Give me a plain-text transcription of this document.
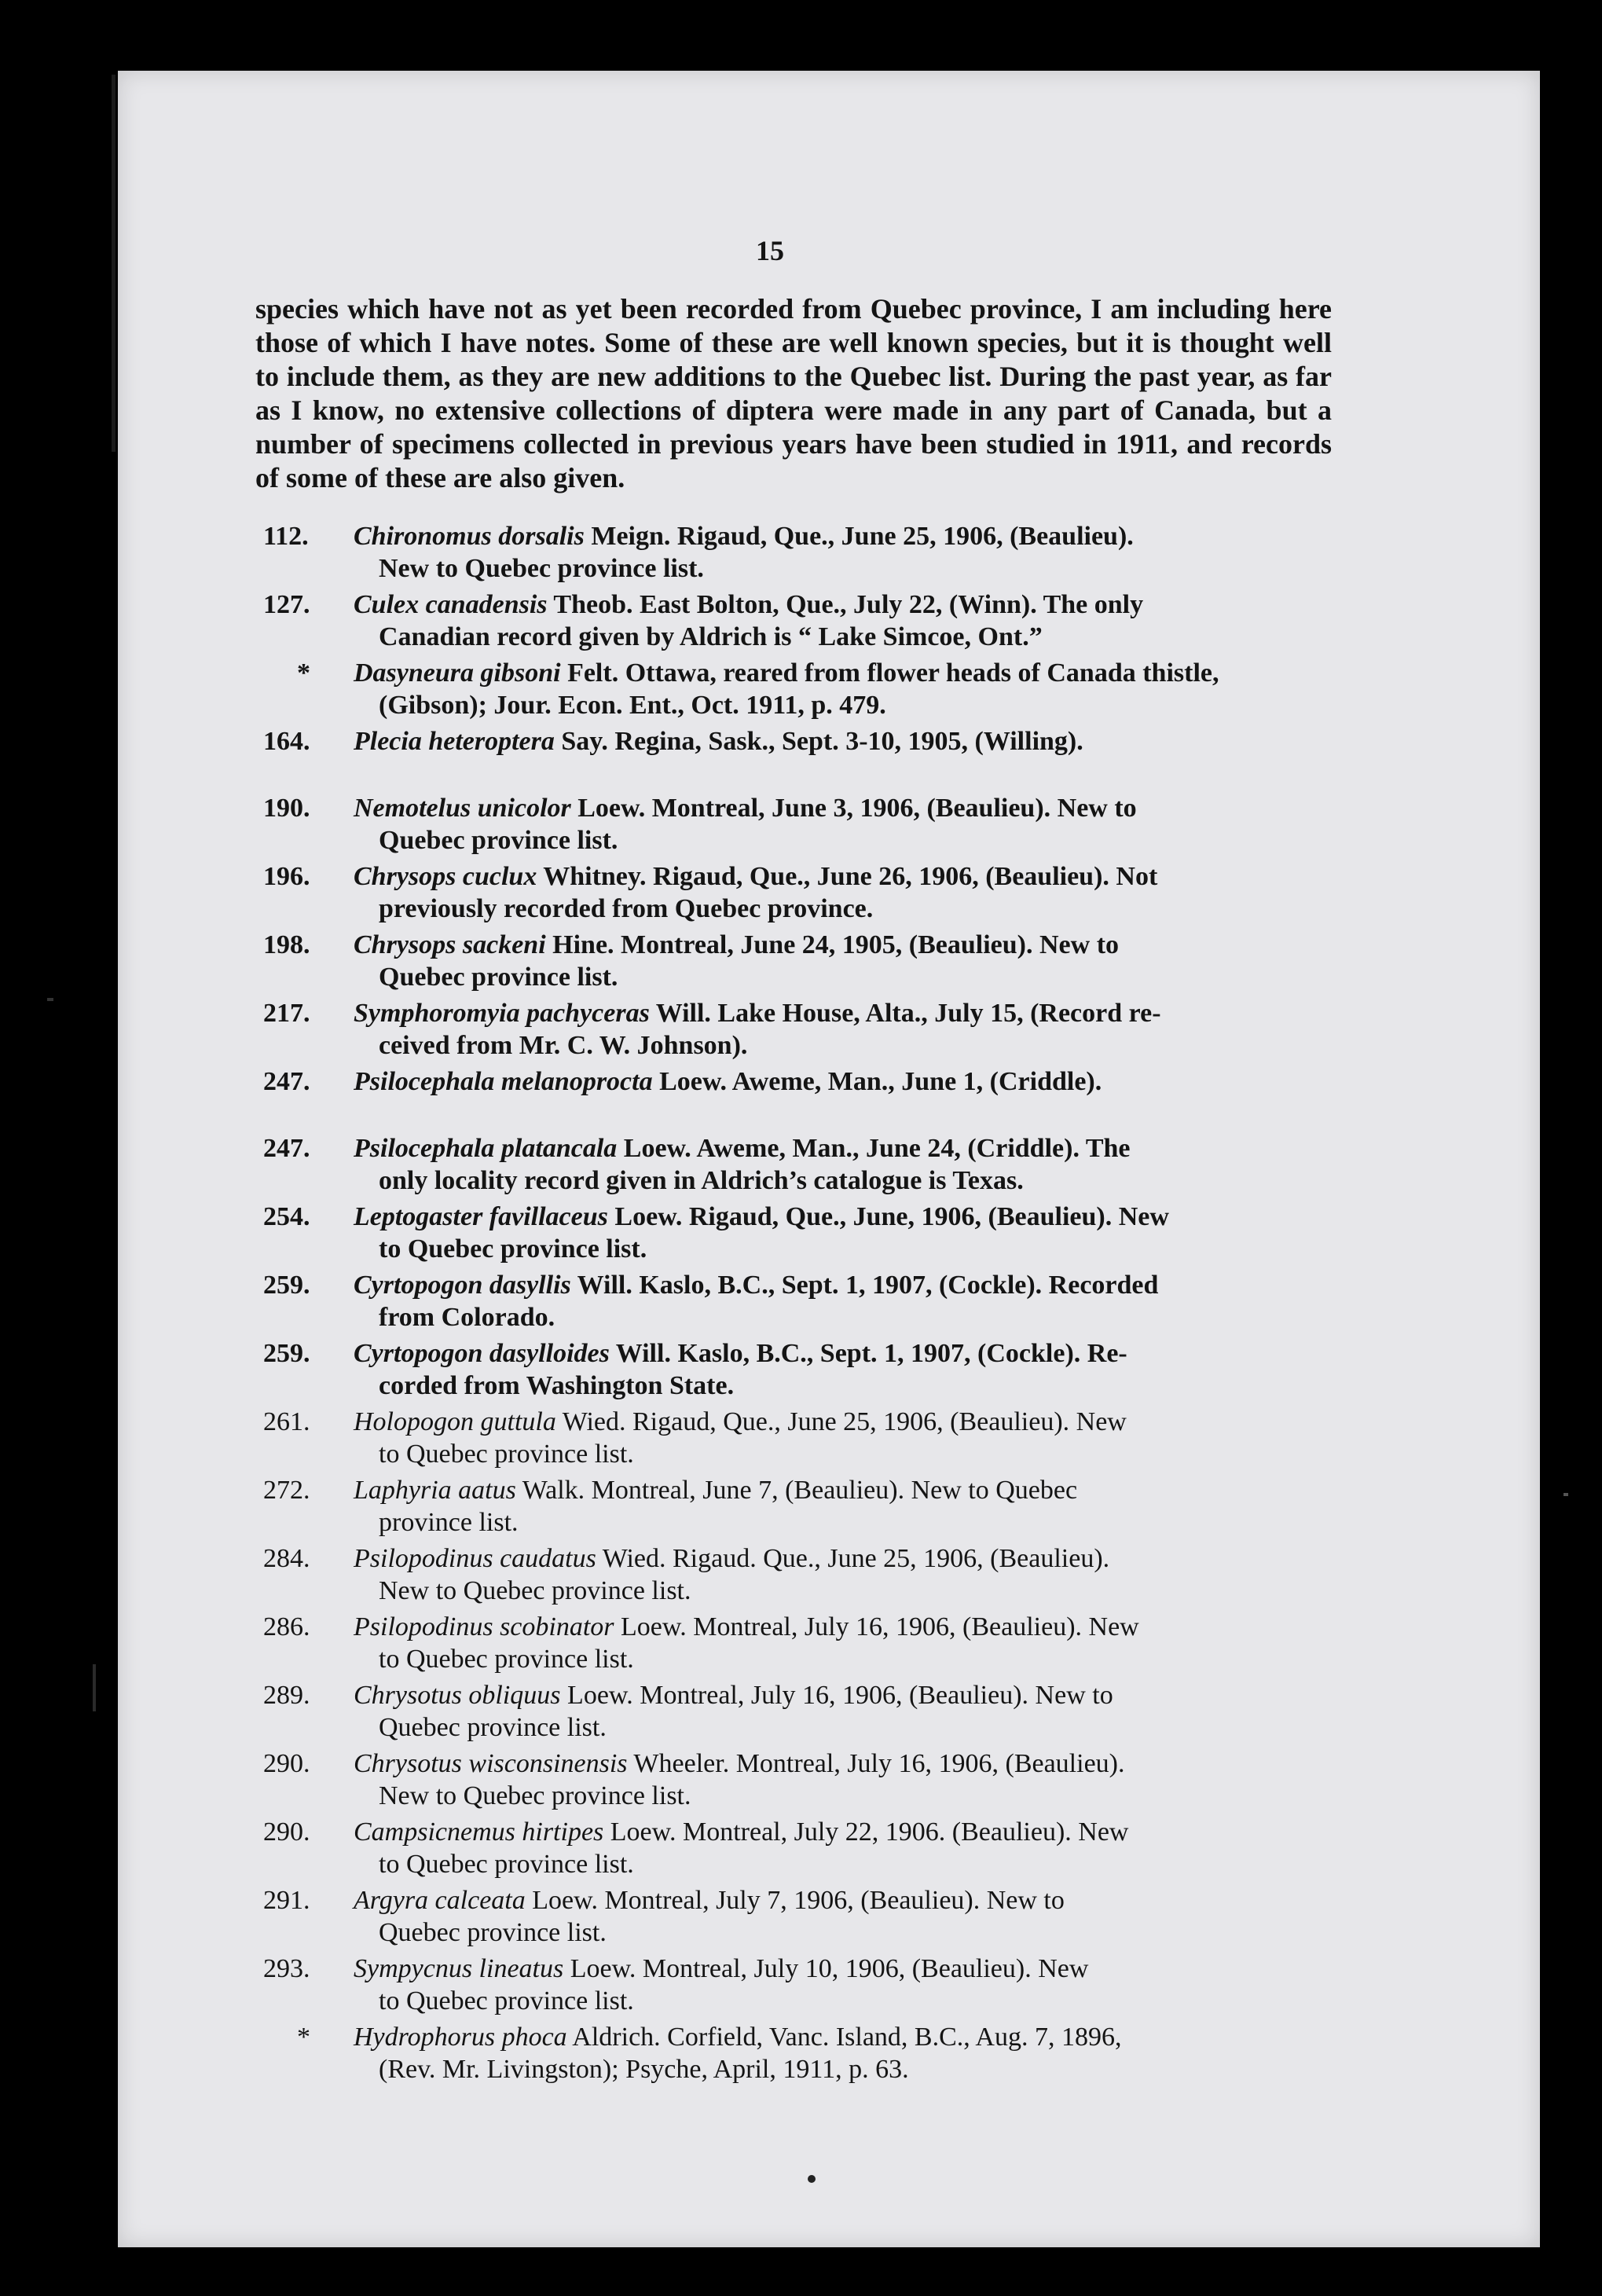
15
species which have not as yet been recorded from Quebec province, I am including here those of which I have notes. Some of these are well known species, but it is thought well to include them, as they are new additions to the Quebec list. During the past year, as far as I know, no extensive collections of diptera were made in any part of Canada, but a number of specimens collected in previous years have been studied in 1911, and records of some of these are also given.
112.	Chironomus dorsalis Meign. Rigaud, Que., June 25, 1906, (Beaulieu).
New to Quebec province list.
127.	Culex canadensis Theob. East Bolton, Que., July 22, (Winn). The only
Canadian record given by Aldrich is “ Lake Simcoe, Ont.”
* Dasyneura gibsoni Felt. Ottawa, reared from flower heads of Canada thistle,
(Gibson); Jour. Econ. Ent., Oct. 1911, p. 479.
164.	Plecia heteroptera Say. Regina, Sask., Sept. 3-10, 1905, (Willing).
190.	Nemotelus unicolor Loew. Montreal, June 3, 1906, (Beaulieu). New to
Quebec province list.
196.	Chrysops cuclux Whitney. Rigaud, Que., June 26, 1906, (Beaulieu). Not
previously recorded from Quebec province.
198.	Chrysops sackeni Hine. Montreal, June 24, 1905, (Beaulieu). New to
Quebec province list.
217.	Symphoromyia pachyceras Will. Lake House, Alta., July 15, (Record re-
ceived from Mr. C. W. Johnson).
247.	Psilocephala melanoprocta Loew. Aweme, Man., June 1, (Criddle).
247.	Psilocephala platancala Loew. Aweme, Man., June 24, (Criddle). The
only locality record given in Aldrich’s catalogue is Texas.
254.	Leptogaster favillaceus Loew. Rigaud, Que., June, 1906, (Beaulieu). New
to Quebec province list.
259.	Cyrtopogon dasyllis Will. Kaslo, B.C., Sept. 1, 1907, (Cockle). Recorded
from Colorado.
259.	Cyrtopogon dasylloides Will. Kaslo, B.C., Sept. 1, 1907, (Cockle). Re-
corded from Washington State.
261.	Holopogon guttula Wied. Rigaud, Que., June 25, 1906, (Beaulieu). New
to Quebec province list.
272.	Laphyria aatus Walk. Montreal, June 7, (Beaulieu). New to Quebec
province list.
284.	Psilopodinus caudatus Wied. Rigaud. Que., June 25, 1906, (Beaulieu).
New to Quebec province list.
286.	Psilopodinus scobinator Loew. Montreal, July 16, 1906, (Beaulieu). New
to Quebec province list.
289.	Chrysotus obliquus Loew. Montreal, July 16, 1906, (Beaulieu). New to
Quebec province list.
290.	Chrysotus wisconsinensis Wheeler. Montreal, July 16, 1906, (Beaulieu).
New to Quebec province list.
290.	Campsicnemus hirtipes Loew. Montreal, July 22, 1906. (Beaulieu). New
to Quebec province list.
291.	Argyra calceata Loew. Montreal, July 7, 1906, (Beaulieu). New to
Quebec province list.
293.	Sympycnus lineatus Loew. Montreal, July 10, 1906, (Beaulieu). New
to Quebec province list.
* Hydrophorus phoca Aldrich. Corfield, Vanc. Island, B.C., Aug. 7, 1896,
(Rev. Mr. Livingston); Psyche, April, 1911, p. 63.
